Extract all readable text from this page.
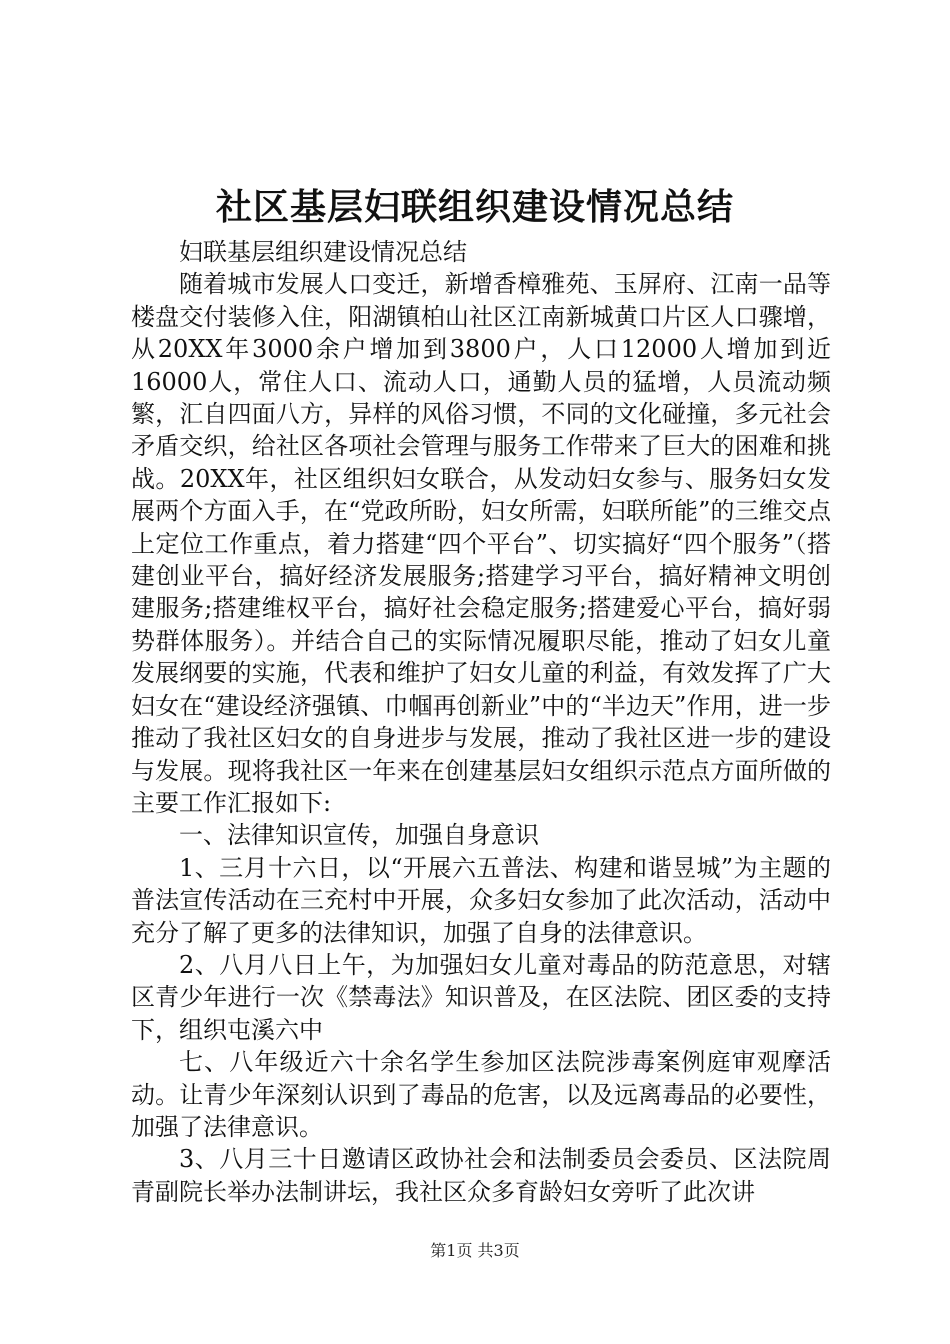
社区基层妇联组织建设情况总结

妇联基层组织建设情况总结

随着城市发展人口变迁，新增香樟雅苑、玉屏府、江南一品等楼盘交付装修入住，阳湖镇柏山社区江南新城黄口片区人口骤增，从20XX年3000余户增加到3800户，人口12000人增加到近16000人，常住人口、流动人口，通勤人员的猛增，人员流动频繁，汇自四面八方，异样的风俗习惯，不同的文化碰撞，多元社会矛盾交织，给社区各项社会管理与服务工作带来了巨大的困难和挑战。20XX年，社区组织妇女联合，从发动妇女参与、服务妇女发展两个方面入手，在“党政所盼，妇女所需，妇联所能”的三维交点上定位工作重点，着力搭建“四个平台”、切实搞好“四个服务”（搭建创业平台，搞好经济发展服务;搭建学习平台，搞好精神文明创建服务;搭建维权平台，搞好社会稳定服务;搭建爱心平台，搞好弱势群体服务）。并结合自己的实际情况履职尽能，推动了妇女儿童发展纲要的实施，代表和维护了妇女儿童的利益，有效发挥了广大妇女在“建设经济强镇、巾帼再创新业”中的“半边天”作用，进一步推动了我社区妇女的自身进步与发展，推动了我社区进一步的建设与发展。现将我社区一年来在创建基层妇女组织示范点方面所做的主要工作汇报如下:

一、法律知识宣传，加强自身意识

1、三月十六日，以“开展六五普法、构建和谐昱城”为主题的普法宣传活动在三充村中开展，众多妇女参加了此次活动，活动中充分了解了更多的法律知识，加强了自身的法律意识。

2、八月八日上午，为加强妇女儿童对毒品的防范意思，对辖区青少年进行一次《禁毒法》知识普及，在区法院、团区委的支持下，组织屯溪六中

七、八年级近六十余名学生参加区法院涉毒案例庭审观摩活动。让青少年深刻认识到了毒品的危害，以及远离毒品的必要性，加强了法律意识。

3、八月三十日邀请区政协社会和法制委员会委员、区法院周青副院长举办法制讲坛，我社区众多育龄妇女旁听了此次讲

第1页 共3页
